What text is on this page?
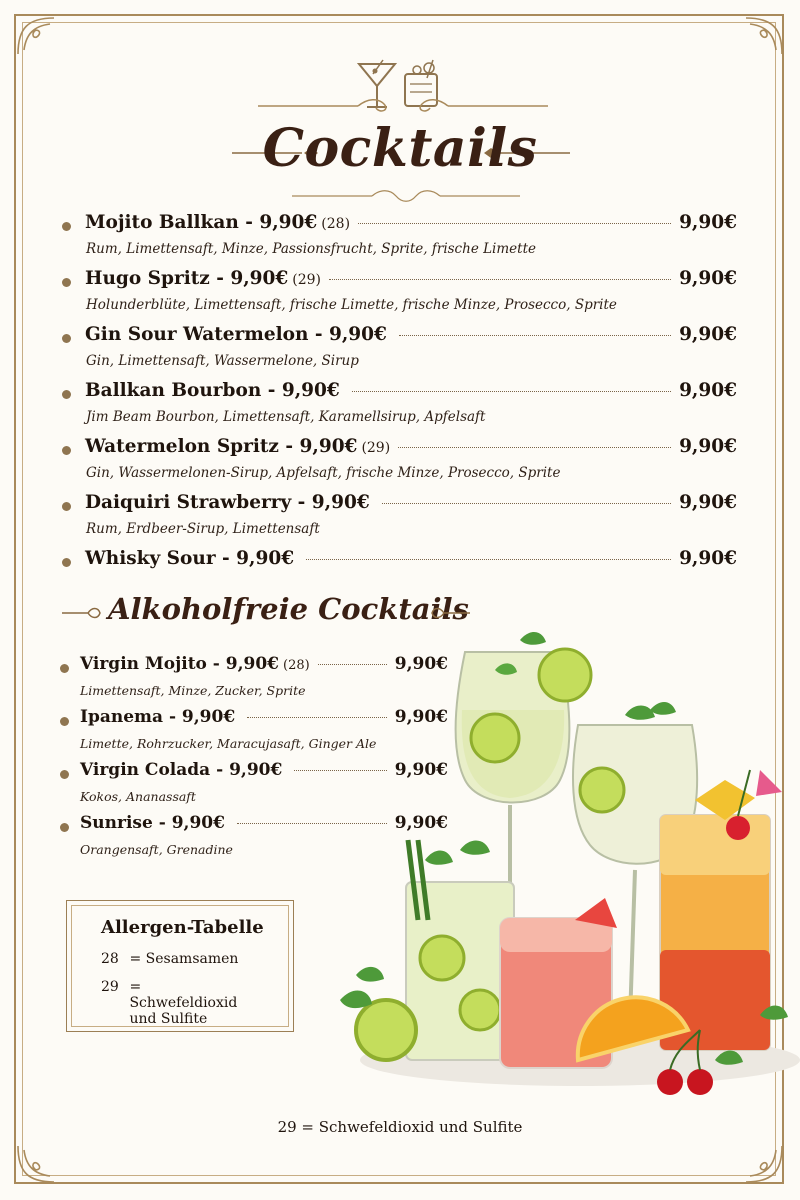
Cocktails
Mojito Ballkan - 9,90€ (28)	9,90€
Rum, Limettensaft, Minze, Passionsfrucht, Sprite, frische Limette
Hugo Spritz - 9,90€ (29)	9,90€
Holunderblüte, Limettensaft, frische Limette, frische Minze, Prosecco, Sprite
Gin Sour Watermelon - 9,90€	9,90€
Gin, Limettensaft, Wassermelone, Sirup
Ballkan Bourbon - 9,90€	9,90€
Jim Beam Bourbon, Limettensaft, Karamellsirup, Apfelsaft
Watermelon Spritz - 9,90€ (29)	9,90€
Gin, Wassermelonen-Sirup, Apfelsaft, frische Minze, Prosecco, Sprite
Daiquiri Strawberry - 9,90€	9,90€
Rum, Erdbeer-Sirup, Limettensaft
Whisky Sour - 9,90€	9,90€
Alkoholfreie Cocktails
Virgin Mojito - 9,90€ (28)	9,90€
Limettensaft, Minze, Zucker, Sprite
Ipanema - 9,90€	9,90€
Limette, Rohrzucker, Maracujasaft, Ginger Ale
Virgin Colada - 9,90€	9,90€
Kokos, Ananassaft
Sunrise - 9,90€	9,90€
Orangensaft, Grenadine
Allergen-Tabelle
28 = Sesamsamen
29 = Schwefeldioxid und Sulfite
29 = Schwefeldioxid und Sulfite
